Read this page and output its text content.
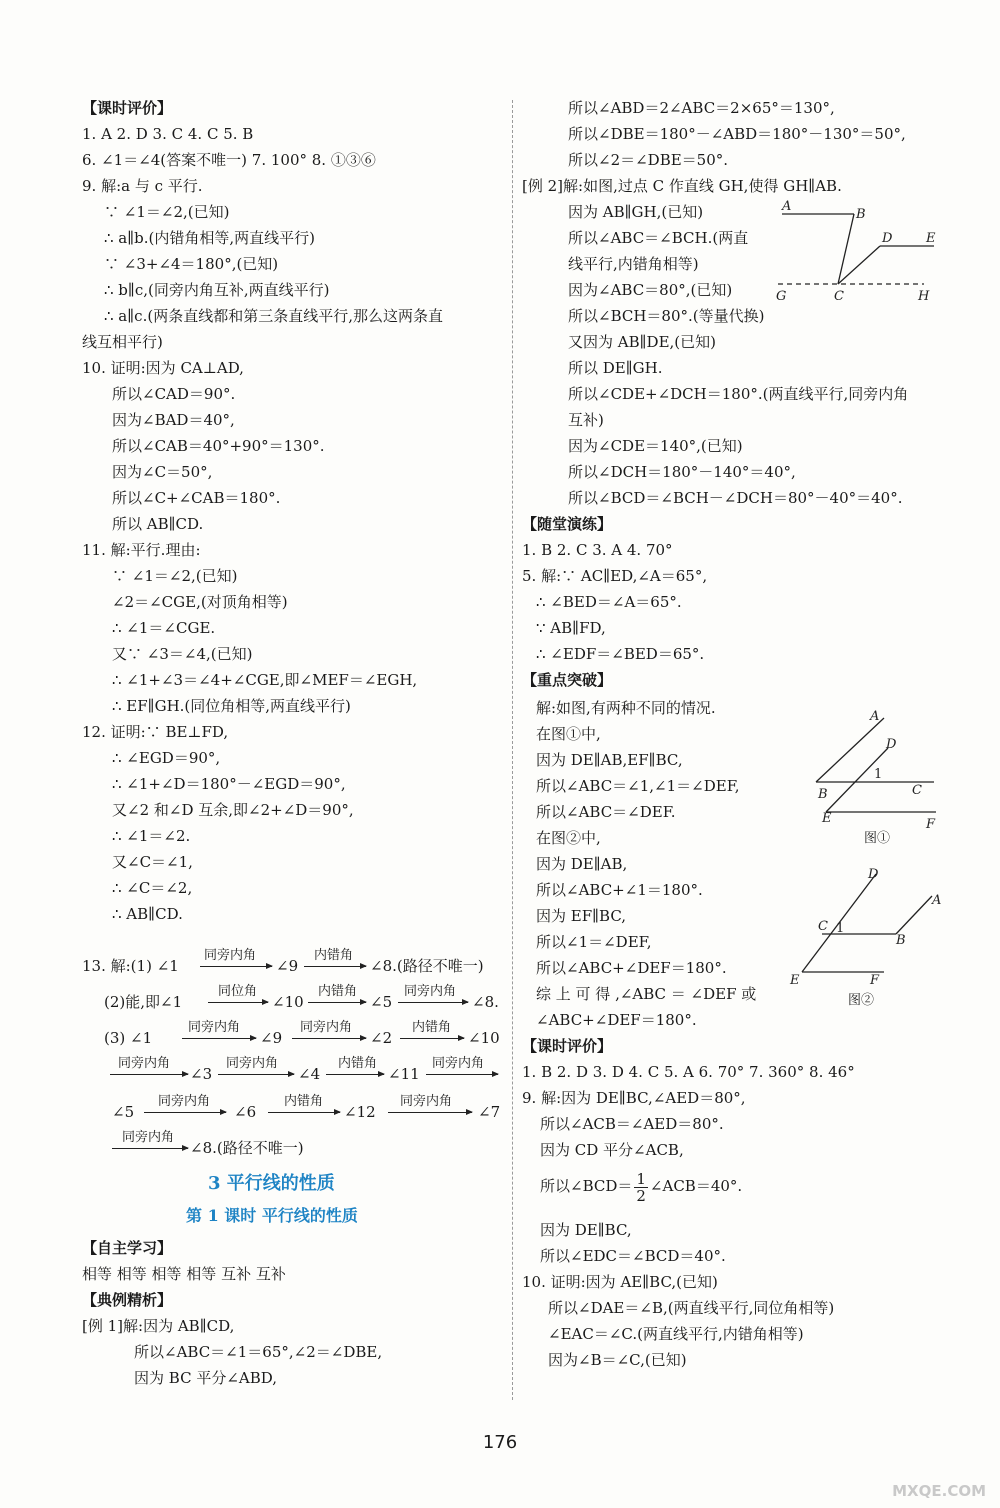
【课时评价】
1. A 2. D 3. C 4. C 5. B
6. ∠1＝∠4(答案不唯一) 7. 100° 8. ①③⑥
9. 解:a 与 c 平行.
∵ ∠1＝∠2,(已知)
∴ a∥b.(内错角相等,两直线平行)
∵ ∠3+∠4＝180°,(已知)
∴ b∥c,(同旁内角互补,两直线平行)
∴ a∥c.(两条直线都和第三条直线平行,那么这两条直
线互相平行)
10. 证明:因为 CA⊥AD,
所以∠CAD＝90°.
因为∠BAD＝40°,
所以∠CAB＝40°+90°＝130°.
因为∠C＝50°,
所以∠C+∠CAB＝180°.
所以 AB∥CD.
11. 解:平行.理由:
∵ ∠1＝∠2,(已知)
∠2＝∠CGE,(对顶角相等)
∴ ∠1＝∠CGE.
又∵ ∠3＝∠4,(已知)
∴ ∠1+∠3＝∠4+∠CGE,即∠MEF＝∠EGH,
∴ EF∥GH.(同位角相等,两直线平行)
12. 证明:∵ BE⊥FD,
∴ ∠EGD＝90°,
∴ ∠1+∠D＝180°－∠EGD＝90°,
又∠2 和∠D 互余,即∠2+∠D＝90°,
∴ ∠1＝∠2.
又∠C＝∠1,
∴ ∠C＝∠2,
∴ AB∥CD.
13. 解:(1) ∠1
同旁内角
∠9
内错角
∠8.(路径不唯一)
(2)能,即∠1
同位角
∠10
内错角
∠5
同旁内角
∠8.
(3) ∠1
同旁内角
∠9
同旁内角
∠2
内错角
∠10
同旁内角
∠3
同旁内角
∠4
内错角
∠11
同旁内角
∠5
同旁内角
∠6
内错角
∠12
同旁内角
∠7
同旁内角
∠8.(路径不唯一)
3 平行线的性质
第 1 课时 平行线的性质
【自主学习】
相等 相等 相等 相等 互补 互补
【典例精析】
[例 1]解:因为 AB∥CD,
所以∠ABC＝∠1＝65°,∠2＝∠DBE,
因为 BC 平分∠ABD,
所以∠ABD＝2∠ABC＝2×65°＝130°,
所以∠DBE＝180°－∠ABD＝180°－130°＝50°,
所以∠2＝∠DBE＝50°.
[例 2]解:如图,过点 C 作直线 GH,使得 GH∥AB.
因为 AB∥GH,(已知)
所以∠ABC＝∠BCH.(两直
线平行,内错角相等)
因为∠ABC＝80°,(已知)
所以∠BCH＝80°.(等量代换)
又因为 AB∥DE,(已知)
所以 DE∥GH.
所以∠CDE+∠DCH＝180°.(两直线平行,同旁内角
互补)
因为∠CDE＝140°,(已知)
所以∠DCH＝180°－140°＝40°,
所以∠BCD＝∠BCH－∠DCH＝80°－40°＝40°.
【随堂演练】
1. B 2. C 3. A 4. 70°
5. 解:∵ AC∥ED,∠A＝65°,
∴ ∠BED＝∠A＝65°.
∵ AB∥FD,
∴ ∠EDF＝∠BED＝65°.
【重点突破】
解:如图,有两种不同的情况.
在图①中,
因为 DE∥AB,EF∥BC,
所以∠ABC＝∠1,∠1＝∠DEF,
所以∠ABC＝∠DEF.
在图②中,
因为 DE∥AB,
所以∠ABC+∠1＝180°.
因为 EF∥BC,
所以∠1＝∠DEF,
所以∠ABC+∠DEF＝180°.
综 上 可 得 ,∠ABC ＝ ∠DEF 或
∠ABC+∠DEF＝180°.
【课时评价】
1. B 2. D 3. D 4. C 5. A 6. 70° 7. 360° 8. 46°
9. 解:因为 DE∥BC,∠AED＝80°,
所以∠ACB＝∠AED＝80°.
因为 CD 平分∠ACB,
所以∠BCD＝ $\frac{1}{2}$ ∠ACB＝40°.
因为 DE∥BC,
所以∠EDC＝∠BCD＝40°.
10. 证明:因为 AE∥BC,(已知)
所以∠DAE＝∠B,(两直线平行,同位角相等)
∠EAC＝∠C.(两直线平行,内错角相等)
因为∠B＝∠C,(已知)
A
B
C
D	E
G	H
A
D
1
B	C
E	F
图①
D
A
C 1
B
E	F
图②
176
MXQE.COM
